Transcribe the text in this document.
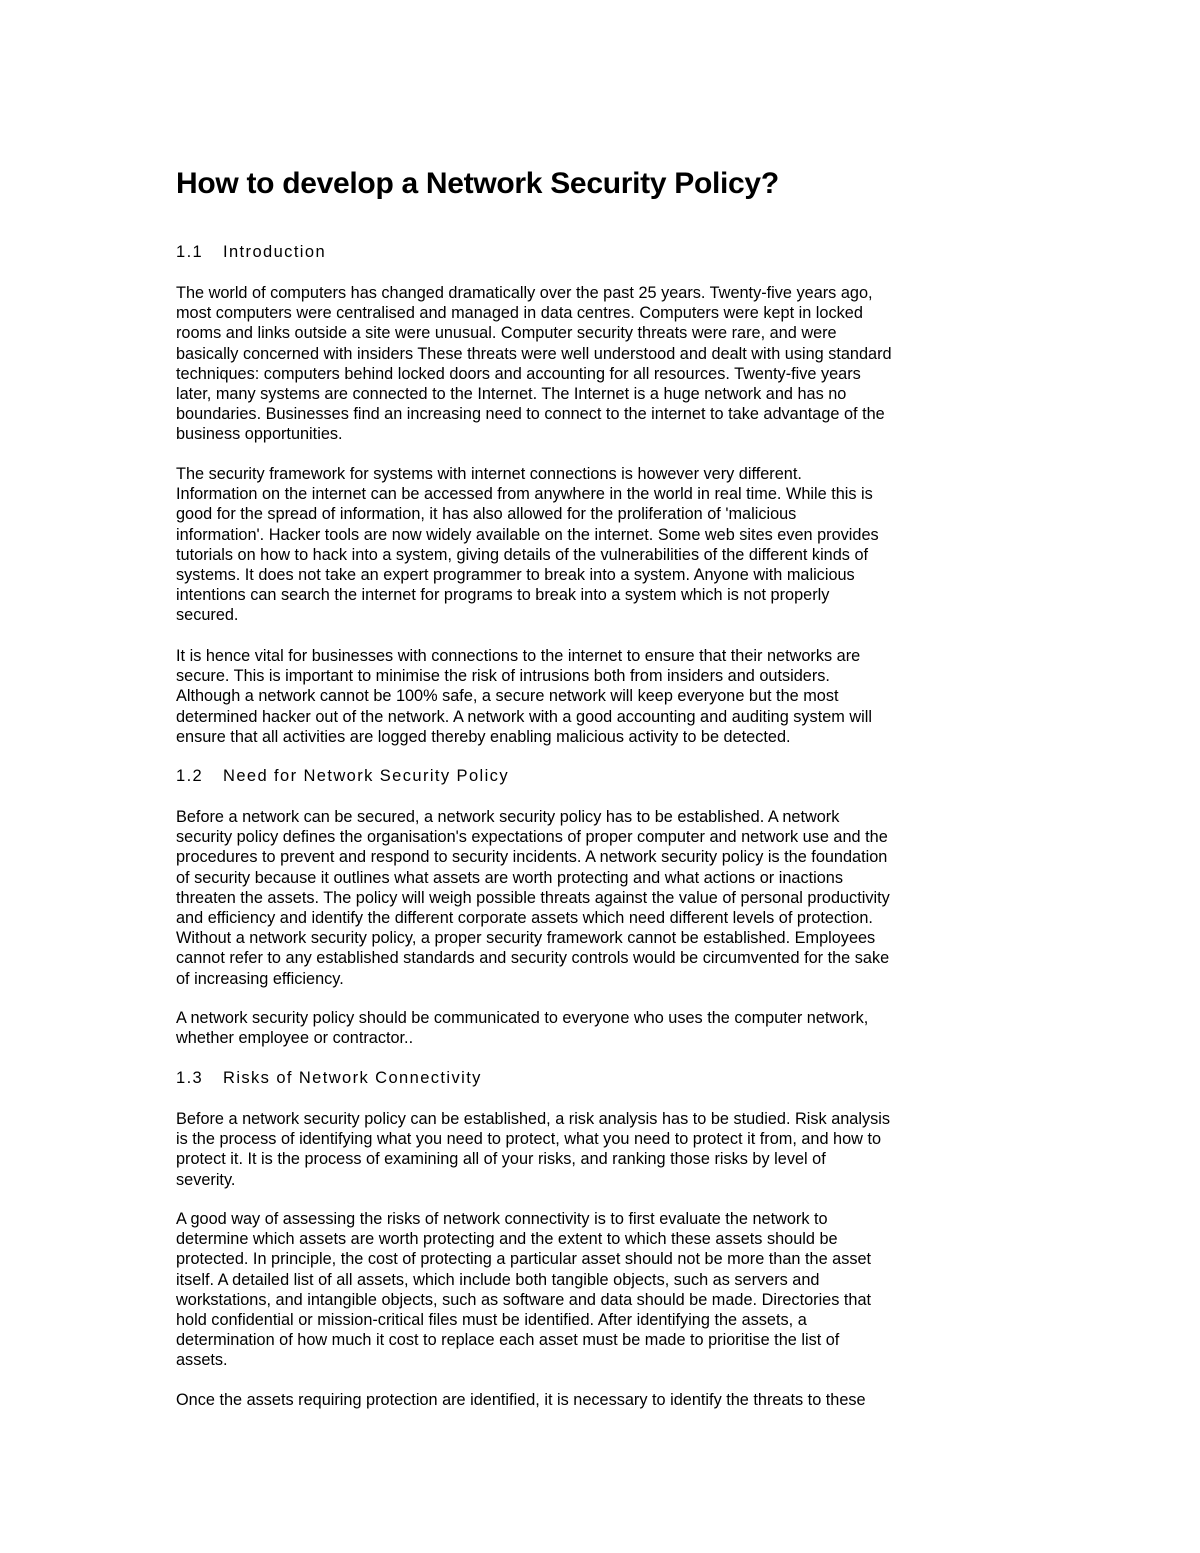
How to develop a Network Security Policy?
1.1 Introduction
The world of computers has changed dramatically over the past 25 years. Twenty-five years ago,
most computers were centralised and managed in data centres. Computers were kept in locked
rooms and links outside a site were unusual. Computer security threats were rare, and were
basically concerned with insiders These threats were well understood and dealt with using standard
techniques: computers behind locked doors and accounting for all resources. Twenty-five years
later, many systems are connected to the Internet. The Internet is a huge network and has no
boundaries. Businesses find an increasing need to connect to the internet to take advantage of the
business opportunities.
The security framework for systems with internet connections is however very different.
Information on the internet can be accessed from anywhere in the world in real time. While this is
good for the spread of information, it has also allowed for the proliferation of 'malicious
information'. Hacker tools are now widely available on the internet. Some web sites even provides
tutorials on how to hack into a system, giving details of the vulnerabilities of the different kinds of
systems. It does not take an expert programmer to break into a system. Anyone with malicious
intentions can search the internet for programs to break into a system which is not properly
secured.
It is hence vital for businesses with connections to the internet to ensure that their networks are
secure. This is important to minimise the risk of intrusions both from insiders and outsiders.
Although a network cannot be 100% safe, a secure network will keep everyone but the most
determined hacker out of the network. A network with a good accounting and auditing system will
ensure that all activities are logged thereby enabling malicious activity to be detected.
1.2 Need for Network Security Policy
Before a network can be secured, a network security policy has to be established. A network
security policy defines the organisation's expectations of proper computer and network use and the
procedures to prevent and respond to security incidents. A network security policy is the foundation
of security because it outlines what assets are worth protecting and what actions or inactions
threaten the assets. The policy will weigh possible threats against the value of personal productivity
and efficiency and identify the different corporate assets which need different levels of protection.
Without a network security policy, a proper security framework cannot be established. Employees
cannot refer to any established standards and security controls would be circumvented for the sake
of increasing efficiency.
A network security policy should be communicated to everyone who uses the computer network,
whether employee or contractor..
1.3 Risks of Network Connectivity
Before a network security policy can be established, a risk analysis has to be studied. Risk analysis
is the process of identifying what you need to protect, what you need to protect it from, and how to
protect it. It is the process of examining all of your risks, and ranking those risks by level of
severity.
A good way of assessing the risks of network connectivity is to first evaluate the network to
determine which assets are worth protecting and the extent to which these assets should be
protected. In principle, the cost of protecting a particular asset should not be more than the asset
itself. A detailed list of all assets, which include both tangible objects, such as servers and
workstations, and intangible objects, such as software and data should be made. Directories that
hold confidential or mission-critical files must be identified. After identifying the assets, a
determination of how much it cost to replace each asset must be made to prioritise the list of
assets.
Once the assets requiring protection are identified, it is necessary to identify the threats to these
